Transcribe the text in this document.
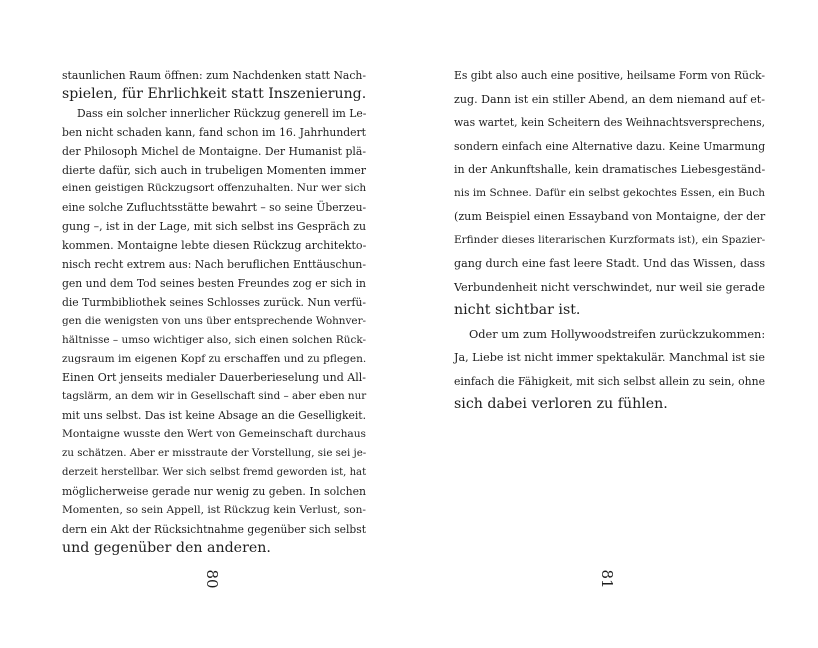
staunlichen Raum öffnen: zum Nachdenken statt Nach-
spielen, für Ehrlichkeit statt Inszenierung.
Dass ein solcher innerlicher Rückzug generell im Le-
ben nicht schaden kann, fand schon im 16. Jahrhundert
der Philosoph Michel de Montaigne. Der Humanist plä-
dierte dafür, sich auch in trubeligen Momenten immer
einen geistigen Rückzugsort offenzuhalten. Nur wer sich
eine solche Zufluchtsstätte bewahrt – so seine Überzeu-
gung –, ist in der Lage, mit sich selbst ins Gespräch zu
kommen. Montaigne lebte diesen Rückzug architekto-
nisch recht extrem aus: Nach beruflichen Enttäuschun-
gen und dem Tod seines besten Freundes zog er sich in
die Turmbibliothek seines Schlosses zurück. Nun verfü-
gen die wenigsten von uns über entsprechende Wohnver-
hältnisse – umso wichtiger also, sich einen solchen Rück-
zugsraum im eigenen Kopf zu erschaffen und zu pflegen.
Einen Ort jenseits medialer Dauerberieselung und All-
tagslärm, an dem wir in Gesellschaft sind – aber eben nur
mit uns selbst. Das ist keine Absage an die Geselligkeit.
Montaigne wusste den Wert von Gemeinschaft durchaus
zu schätzen. Aber er misstraute der Vorstellung, sie sei je-
derzeit herstellbar. Wer sich selbst fremd geworden ist, hat
möglicherweise gerade nur wenig zu geben. In solchen
Momenten, so sein Appell, ist Rückzug kein Verlust, son-
dern ein Akt der Rücksichtnahme gegenüber sich selbst
und gegenüber den anderen.
Es gibt also auch eine positive, heilsame Form von Rück-
zug. Dann ist ein stiller Abend, an dem niemand auf et-
was wartet, kein Scheitern des Weihnachtsversprechens,
sondern einfach eine Alternative dazu. Keine Umarmung
in der Ankunftshalle, kein dramatisches Liebesgeständ-
nis im Schnee. Dafür ein selbst gekochtes Essen, ein Buch
(zum Beispiel einen Essayband von Montaigne, der der
Erfinder dieses literarischen Kurzformats ist), ein Spazier-
gang durch eine fast leere Stadt. Und das Wissen, dass
Verbundenheit nicht verschwindet, nur weil sie gerade
nicht sichtbar ist.
Oder um zum Hollywoodstreifen zurückzukommen:
Ja, Liebe ist nicht immer spektakulär. Manchmal ist sie
einfach die Fähigkeit, mit sich selbst allein zu sein, ohne
sich dabei verloren zu fühlen.
80	81
